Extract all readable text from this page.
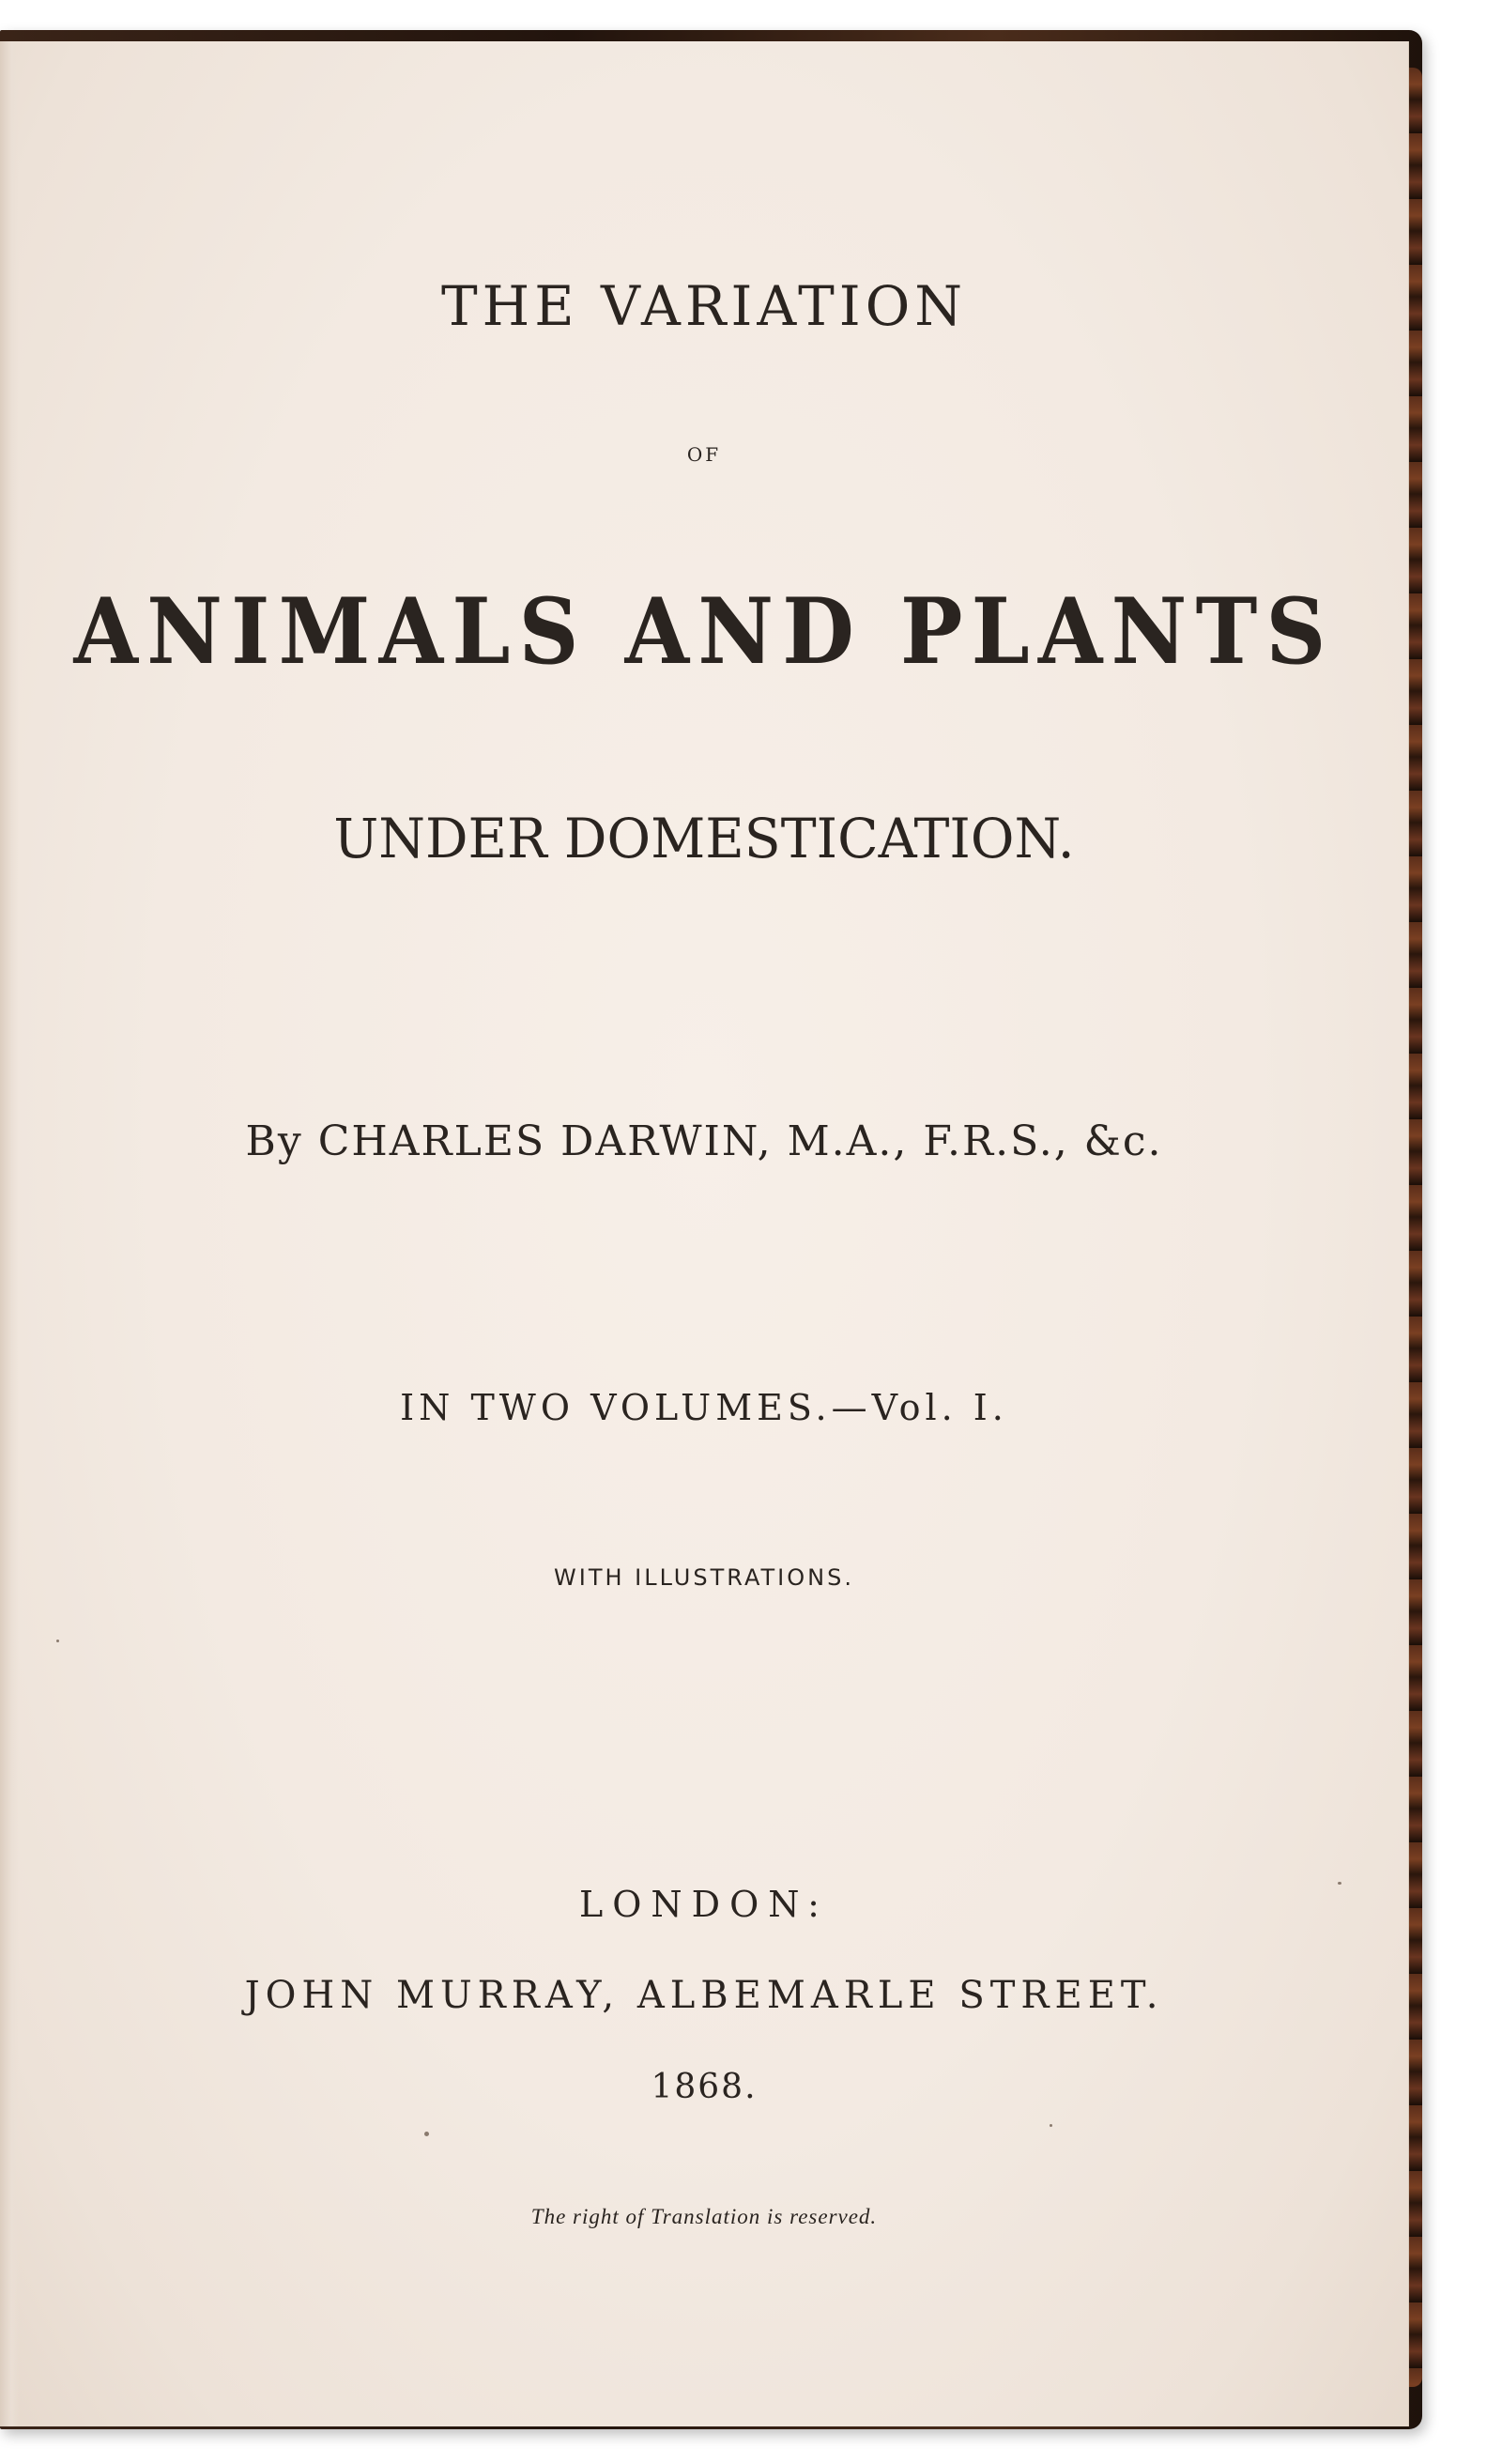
THE VARIATION
OF
ANIMALS AND PLANTS
UNDER DOMESTICATION.
By CHARLES DARWIN, M.A., F.R.S., &c.
IN TWO VOLUMES.—Vol. I.
WITH ILLUSTRATIONS.
LONDON:
JOHN MURRAY, ALBEMARLE STREET.
1868.
The right of Translation is reserved.
